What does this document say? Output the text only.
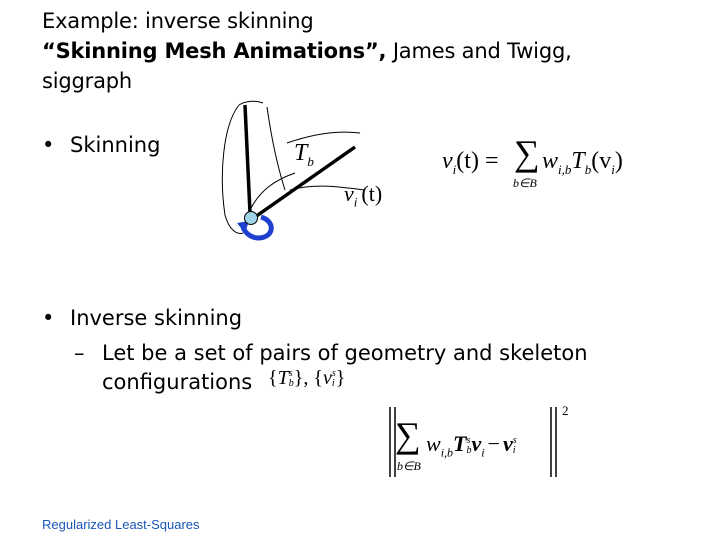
Example: inverse skinning
“Skinning Mesh Animations”, James and Twigg,
siggraph
• Skinning	$T_b$
$v_i$ (t)
$v_i(t)$ = ∑
b∈B
$w_{i,b}T_b(v_i)$
• Inverse skinning
– Let be a set of pairs of geometry and skeleton
configurations {Ts
b}, {vs
i}
∑
b∈B
$w_{i,b}Ts$
$bv_i$ − vs
i
2
Regularized Least-Squares
